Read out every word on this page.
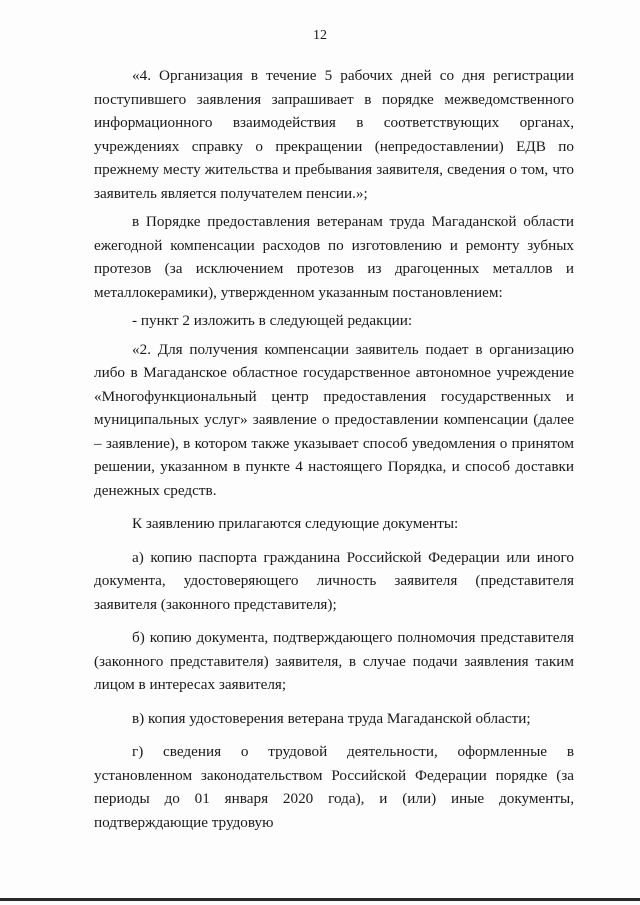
12

«4. Организация в течение 5 рабочих дней со дня регистрации поступившего заявления запрашивает в порядке межведомственного информационного взаимодействия в соответствующих органах, учреждениях справку о прекращении (непредоставлении) ЕДВ по прежнему месту жительства и пребывания заявителя, сведения о том, что заявитель является получателем пенсии.»;

в Порядке предоставления ветеранам труда Магаданской области ежегодной компенсации расходов по изготовлению и ремонту зубных протезов (за исключением протезов из драгоценных металлов и металлокерамики), утвержденном указанным постановлением:

- пункт 2 изложить в следующей редакции:

«2. Для получения компенсации заявитель подает в организацию либо в Магаданское областное государственное автономное учреждение «Многофункциональный центр предоставления государственных и муниципальных услуг» заявление о предоставлении компенсации (далее – заявление), в котором также указывает способ уведомления о принятом решении, указанном в пункте 4 настоящего Порядка, и способ доставки денежных средств.

К заявлению прилагаются следующие документы:

а) копию паспорта гражданина Российской Федерации или иного документа, удостоверяющего личность заявителя (представителя заявителя (законного представителя);

б) копию документа, подтверждающего полномочия представителя (законного представителя) заявителя, в случае подачи заявления таким лицом в интересах заявителя;

в) копия удостоверения ветерана труда Магаданской области;

г) сведения о трудовой деятельности, оформленные в установленном законодательством Российской Федерации порядке (за периоды до 01 января 2020 года), и (или) иные документы, подтверждающие трудовую
